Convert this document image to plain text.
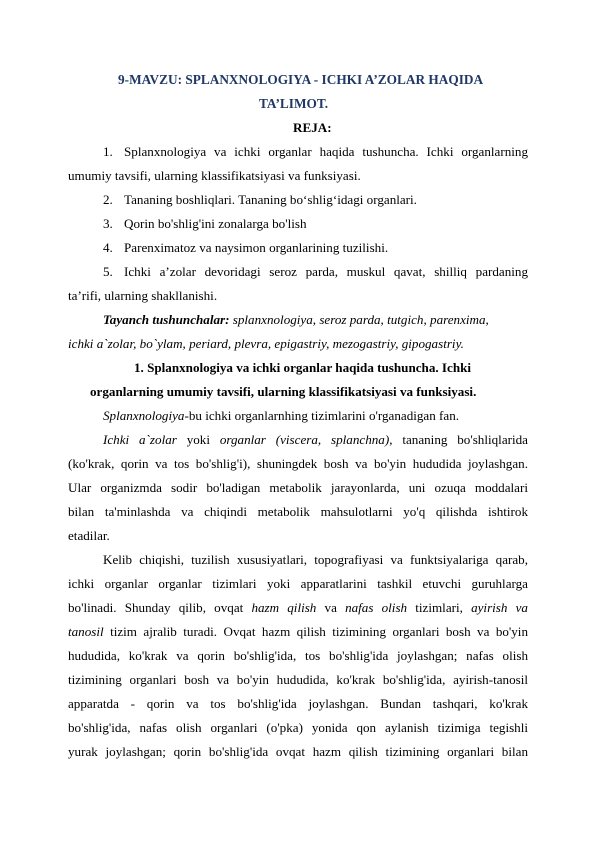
9-MAVZU: SPLANXNOLOGIYA - ICHKI A’ZOLAR HAQIDA
TA’LIMOT.
REJA:
1. Splanxnologiya va ichki organlar haqida tushuncha. Ichki organlarning
umumiy tavsifi, ularning klassifikatsiyasi va funksiyasi.
2. Tananing boshliqlari. Tananing bo‘shlig‘idagi organlari.
3. Qorin bo'shlig'ini zonalarga bo'lish
4. Parenximatoz va naysimon organlarining tuzilishi.
5. Ichki a’zolar devoridagi seroz parda, muskul qavat, shilliq pardaning
ta’rifi, ularning shakllanishi.
Tayanch tushunchalar: splanxnologiya, seroz parda, tutgich, parenxima,
ichki a`zolar, bo`ylam, periard, plevra, epigastriy, mezogastriy, gipogastriy.
1. Splanxnologiya va ichki organlar haqida tushuncha. Ichki
organlarning umumiy tavsifi, ularning klassifikatsiyasi va funksiyasi.
Splanxnologiya-bu ichki organlarnhing tizimlarini o'rganadigan fan.
Ichki a`zolar yoki organlar (viscera, splanchna), tananing bo'shliqlarida
(ko'krak, qorin va tos bo'shlig'i), shuningdek bosh va bo'yin hududida joylashgan.
Ular organizmda sodir bo'ladigan metabolik jarayonlarda, uni ozuqa moddalari
bilan ta'minlashda va chiqindi metabolik mahsulotlarni yo'q qilishda ishtirok
etadilar.
Kelib chiqishi, tuzilish xususiyatlari, topografiyasi va funktsiyalariga qarab,
ichki organlar organlar tizimlari yoki apparatlarini tashkil etuvchi guruhlarga
bo'linadi. Shunday qilib, ovqat hazm qilish va nafas olish tizimlari, ayirish va
tanosil tizim ajralib turadi. Ovqat hazm qilish tizimining organlari bosh va bo'yin
hududida, ko'krak va qorin bo'shlig'ida, tos bo'shlig'ida joylashgan; nafas olish
tizimining organlari bosh va bo'yin hududida, ko'krak bo'shlig'ida, ayirish-tanosil
apparatda - qorin va tos bo'shlig'ida joylashgan. Bundan tashqari, ko'krak
bo'shlig'ida, nafas olish organlari (o'pka) yonida qon aylanish tizimiga tegishli
yurak joylashgan; qorin bo'shlig'ida ovqat hazm qilish tizimining organlari bilan
